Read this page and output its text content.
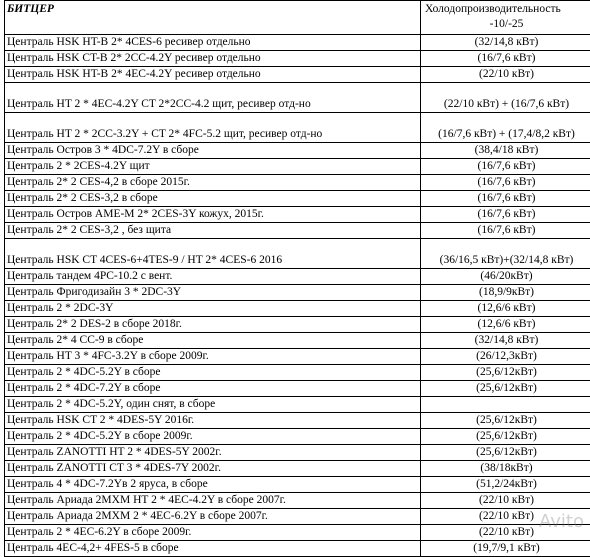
БИТЦЕР	Холодопроизводительность
-10/-25

Централь HSK HT-B 2* 4CES-6 ресивер отдельно	(32/14,8 кВт)
Централь HSK CT-B 2* 2CC-4.2Y ресивер отдельно	(16/7,6 кВт)
Централь HSK HT-B 2* 4EC-4.2Y ресивер отдельно	(22/10 кВт)
Централь HT 2 * 4EC-4.2Y CT 2*2CC-4.2 щит, ресивер отд-но	(22/10 кВт) + (16/7,6 кВт)
Централь HT 2 * 2CC-3.2Y + CT 2* 4FC-5.2 щит, ресивер отд-но	(16/7,6 кВт) + (17,4/8,2 кВт)
Централь Остров 3 * 4DC-7.2Y в сборе	(38,4/18 кВт)
Централь 2 * 2CES-4.2Y щит	(16/7,6 кВт)
Централь 2* 2 CES-4,2 в сборе 2015г.	(16/7,6 кВт)
Централь 2* 2 CES-3,2 в сборе	(16/7,6 кВт)
Централь Остров AME-M 2* 2CES-3Y кожух, 2015г.	(16/7,6 кВт)
Централь 2* 2 CES-3,2 , без щита	(16/7,6 кВт)
Централь HSK CT 4CES-6+4TES-9 / HT 2* 4CES-6 2016	(36/16,5 кВт)+(32/14,8 кВт)
Централь тандем 4PC-10.2 с вент.	(46/20кВт)
Централь Фригодизайн 3 * 2DC-3Y	(18,9/9кВт)
Централь 2 * 2DC-3Y	(12,6/6 кВт)
Централь 2* 2 DES-2 в сборе 2018г.	(12,6/6 кВт)
Централь 2* 4 CC-9 в сборе	(32/14,8 кВт)
Централь HT 3 * 4FC-3.2Y в сборе 2009г.	(26/12,3кВт)
Централь 2 * 4DC-5.2Y в сборе	(25,6/12кВт)
Централь 2 * 4DC-7.2Y в сборе	(25,6/12кВт)
Централь 2 * 4DC-5.2Y, один снят, в сборе	
Централь HSK CT 2 * 4DES-5Y 2016г.	(25,6/12кВт)
Централь 2 * 4DC-5.2Y в сборе 2009г.	(25,6/12кВт)
Централь ZANOTTI HT 2 * 4DES-5Y 2002г.	(25,6/12кВт)
Централь ZANOTTI CT 3 * 4DES-7Y 2002г.	(38/18кВт)
Централь 4 * 4DC-7.2Yв 2 яруса, в сборе	(51,2/24кВт)
Централь Ариада 2МХМ HT 2 * 4EC-4.2Y в сборе 2007г.	(22/10 кВт)
Централь Ариада 2МХМ 2 * 4EC-6.2Y в сборе 2007г.	(22/10 кВт)
Централь 2 * 4EC-6.2Y в сборе 2009г.	(22/10 кВт)
Централь 4EC-4,2+ 4FES-5 в сборе	(19,7/9,1 кВт)
Avito
